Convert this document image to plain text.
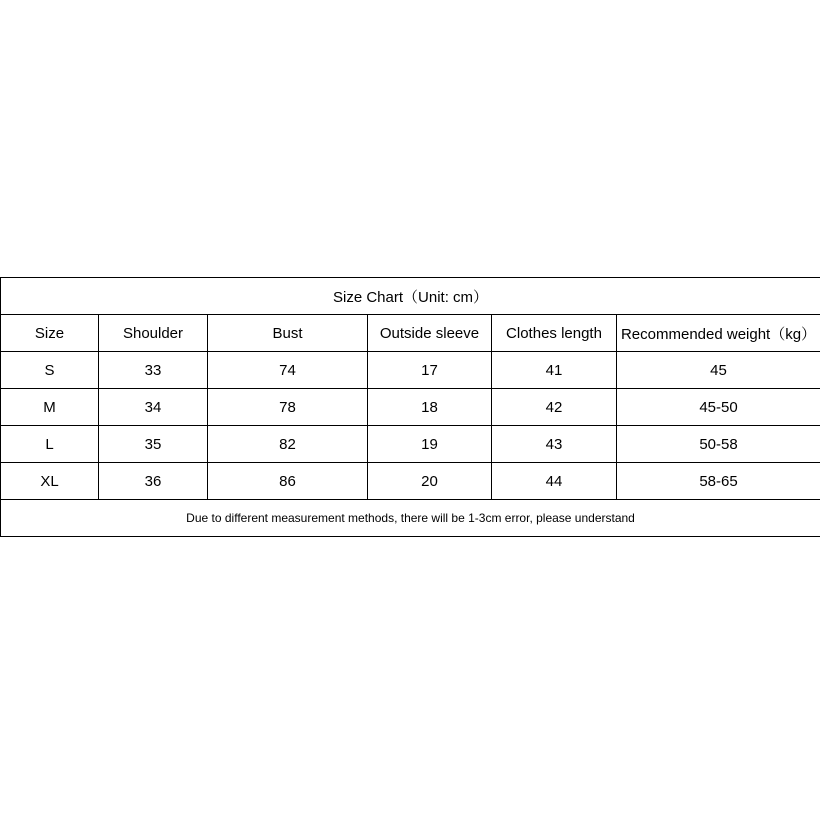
Size Chart（Unit: cm）					
Size	Shoulder	Bust	Outside sleeve	Clothes length	Recommended weight（kg）
S	33	74	17	41	45
M	34	78	18	42	45-50
L	35	82	19	43	50-58
XL	36	86	20	44	58-65
Due to different measurement methods, there will be 1-3cm error, please understand					
